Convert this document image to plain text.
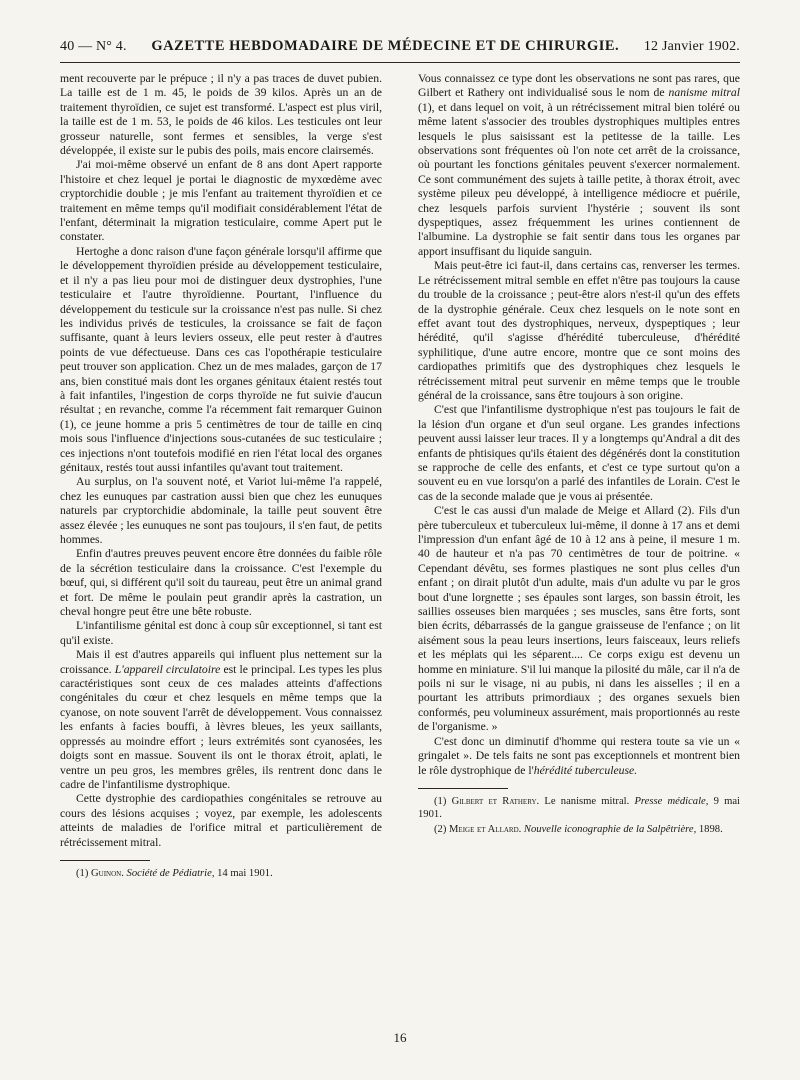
40 — N° 4. GAZETTE HEBDOMADAIRE DE MÉDECINE ET DE CHIRURGIE. 12 Janvier 1902.

ment recouverte par le prépuce ; il n'y a pas traces de duvet pubien. La taille est de 1 m. 45, le poids de 39 kilos. Après un an de traitement thyroïdien, ce sujet est transformé. L'aspect est plus viril, la taille est de 1 m. 53, le poids de 46 kilos. Les testicules ont leur grosseur naturelle, sont fermes et sensibles, la verge s'est développée, il existe sur le pubis des poils, mais encore clairsemés.

J'ai moi-même observé un enfant de 8 ans dont Apert rapporte l'histoire et chez lequel je portai le diagnostic de myxœdème avec cryptorchidie double ; je mis l'enfant au traitement thyroïdien et ce traitement en même temps qu'il modifiait considérablement l'état de l'enfant, déterminait la migration testiculaire, comme Apert put le constater.

Hertoghe a donc raison d'une façon générale lorsqu'il affirme que le développement thyroïdien préside au développement testiculaire, et il n'y a pas lieu pour moi de distinguer deux dystrophies, l'une testiculaire et l'autre thyroïdienne. Pourtant, l'influence du développement du testicule sur la croissance n'est pas nulle. Si chez les individus privés de testicules, la croissance se fait de façon suffisante, quant à leurs leviers osseux, elle peut rester à d'autres points de vue défectueuse. Dans ces cas l'opothérapie testiculaire peut trouver son application. Chez un de mes malades, garçon de 17 ans, bien constitué mais dont les organes génitaux étaient restés tout à fait infantiles, l'ingestion de corps thyroïde ne fut suivie d'aucun résultat ; en revanche, comme l'a récemment fait remarquer Guinon (1), ce jeune homme a pris 5 centimètres de tour de taille en cinq mois sous l'influence d'injections sous-cutanées de suc testiculaire ; ces injections n'ont toutefois modifié en rien l'état local des organes génitaux, restés tout aussi infantiles qu'avant tout traitement.

Au surplus, on l'a souvent noté, et Variot lui-même l'a rappelé, chez les eunuques par castration aussi bien que chez les eunuques naturels par cryptorchidie abdominale, la taille peut souvent être assez élevée ; les eunuques ne sont pas toujours, il s'en faut, de petits hommes.

Enfin d'autres preuves peuvent encore être données du faible rôle de la sécrétion testiculaire dans la croissance. C'est l'exemple du bœuf, qui, si différent qu'il soit du taureau, peut être un animal grand et fort. De même le poulain peut grandir après la castration, un cheval hongre peut être une bête robuste.

L'infantilisme génital est donc à coup sûr exceptionnel, si tant est qu'il existe.

Mais il est d'autres appareils qui influent plus nettement sur la croissance. L'appareil circulatoire est le principal. Les types les plus caractéristiques sont ceux de ces malades atteints d'affections congénitales du cœur et chez lesquels en même temps que la cyanose, on note souvent l'arrêt de développement. Vous connaissez les enfants à facies bouffi, à lèvres bleues, les yeux saillants, oppressés au moindre effort ; leurs extrémités sont cyanosées, les doigts sont en massue. Souvent ils ont le thorax étroit, aplati, le ventre un peu gros, les membres grêles, ils rentrent donc dans le cadre de l'infantilisme dystrophique.

Cette dystrophie des cardiopathies congénitales se retrouve au cours des lésions acquises ; voyez, par exemple, les adolescents atteints de maladies de l'orifice mitral et particulièrement de rétrécissement mitral.

(1) Guinon. Société de Pédiatrie, 14 mai 1901.

Vous connaissez ce type dont les observations ne sont pas rares, que Gilbert et Rathery ont individualisé sous le nom de nanisme mitral (1), et dans lequel on voit, à un rétrécissement mitral bien toléré ou même latent s'associer des troubles dystrophiques multiples entres lesquels le plus saisissant est la petitesse de la taille. Les observations sont fréquentes où l'on note cet arrêt de la croissance, où pourtant les fonctions génitales peuvent s'exercer normalement. Ce sont communément des sujets à taille petite, à thorax étroit, avec système pileux peu développé, à intelligence médiocre et puérile, chez lesquels parfois survient l'hystérie ; souvent ils sont dyspeptiques, assez fréquemment les urines contiennent de l'albumine. La dystrophie se fait sentir dans tous les organes par apport insuffisant du liquide sanguin.

Mais peut-être ici faut-il, dans certains cas, renverser les termes. Le rétrécissement mitral semble en effet n'être pas toujours la cause du trouble de la croissance ; peut-être alors n'est-il qu'un des effets de la dystrophie générale. Ceux chez lesquels on le note sont en effet avant tout des dystrophiques, nerveux, dyspeptiques ; leur hérédité, qu'il s'agisse d'hérédité tuberculeuse, d'hérédité syphilitique, d'une autre encore, montre que ce sont moins des cardiopathes primitifs que des dystrophiques chez lesquels le rétrécissement mitral peut survenir en même temps que le trouble général de la croissance, sans être toujours à son origine.

C'est que l'infantilisme dystrophique n'est pas toujours le fait de la lésion d'un organe et d'un seul organe. Les grandes infections peuvent aussi laisser leur traces. Il y a longtemps qu'Andral a dit des enfants de phtisiques qu'ils étaient des dégénérés dont la constitution se rapproche de celle des enfants, et c'est ce type surtout qu'on a souvent eu en vue lorsqu'on a parlé des infantiles de Lorain. C'est le cas de la seconde malade que je vous ai présentée.

C'est le cas aussi d'un malade de Meige et Allard (2). Fils d'un père tuberculeux et tuberculeux lui-même, il donne à 17 ans et demi l'impression d'un enfant âgé de 10 à 12 ans à peine, il mesure 1 m. 40 de hauteur et n'a pas 70 centimètres de tour de poitrine. « Cependant dévêtu, ses formes plastiques ne sont plus celles d'un enfant ; on dirait plutôt d'un adulte, mais d'un adulte vu par le gros bout d'une lorgnette ; ses épaules sont larges, son bassin étroit, les saillies osseuses bien marquées ; ses muscles, sans être forts, sont bien écrits, débarrassés de la gangue graisseuse de l'enfance ; on lit aisément sous la peau leurs insertions, leurs faisceaux, leurs reliefs et les méplats qui les séparent.... Ce corps exigu est devenu un homme en miniature. S'il lui manque la pilosité du mâle, car il n'a de poils ni sur le visage, ni au pubis, ni dans les aisselles ; il en a pourtant les attributs primordiaux ; des organes sexuels bien conformés, peu volumineux assurément, mais proportionnés au reste de l'organisme. »

C'est donc un diminutif d'homme qui restera toute sa vie un « gringalet ». De tels faits ne sont pas exceptionnels et montrent bien le rôle dystrophique de l'hérédité tuberculeuse.

(1) Gilbert et Rathery. Le nanisme mitral. Presse médicale, 9 mai 1901.

(2) Meige et Allard. Nouvelle iconographie de la Salpêtrière, 1898.

16
